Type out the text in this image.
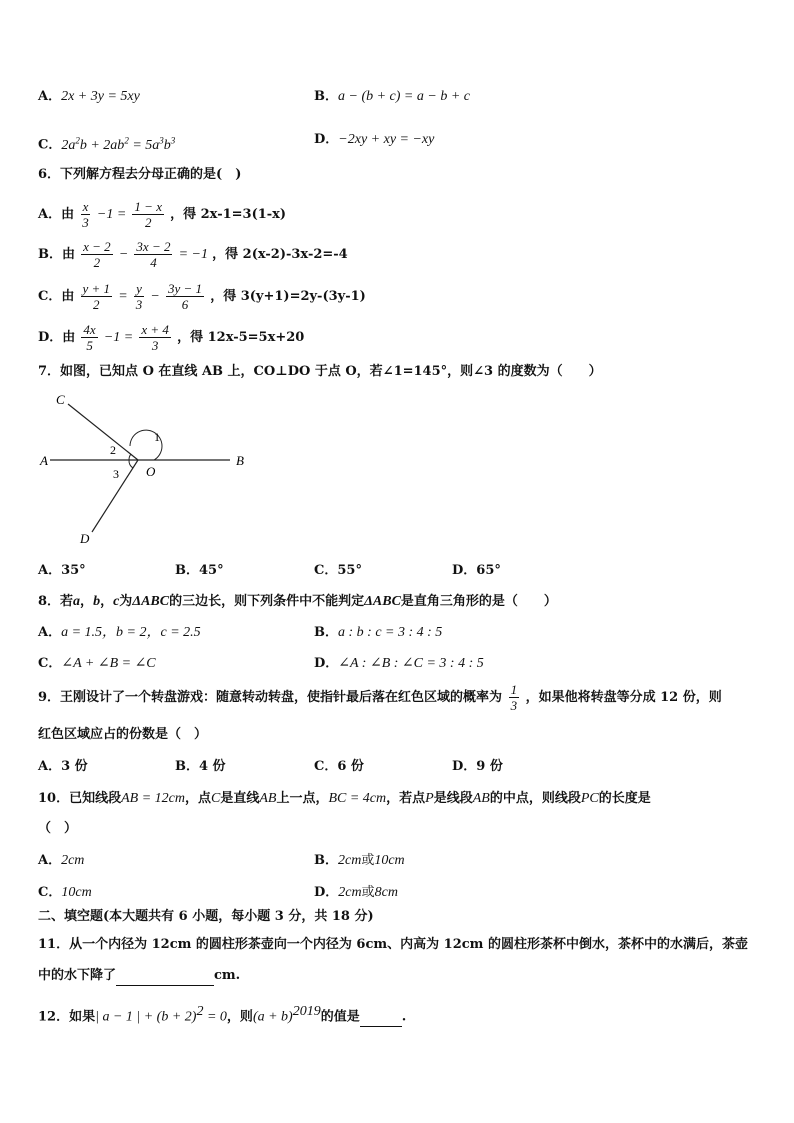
A．2x + 3y = 5xy	B．a − (b + c) = a − b + c
C．$2a^2b + 2ab^2 = 5a^3b^3$	D．−2xy + xy = −xy
6．下列解方程去分母正确的是(　)
A．由 $\frac{x}{3} -1 = \frac{1 - x}{2}$ ，得 2x-1=3(1-x)
B．由 $\frac{x - 2}{2} - \frac{3x - 2}{4} = -1$ ，得 2(x-2)-3x-2=-4
C．由 $\frac{y + 1}{2} = \frac{y}{3} - \frac{3y - 1}{6}$ ，得 3(y+1)=2y-(3y-1)
D．由 $\frac{4x}{5} -1 = \frac{x + 4}{3}$ ，得 12x-5=5x+20
7．如图，已知点 O 在直线 AB 上，CO⊥DO 于点 O，若∠1=145°，则∠3 的度数为（　　）
C
A	B
O
D
1
2
3
A．35°	B．45°	C．55°	D．65°
8．若a，b，c为ΔABC的三边长，则下列条件中不能判定ΔABC是直角三角形的是（　　）
A．a = 1.5，b = 2，c = 2.5	B．a : b : c = 3 : 4 : 5
C．∠A + ∠B = ∠C	D．∠A : ∠B : ∠C = 3 : 4 : 5
9．王刚设计了一个转盘游戏：随意转动转盘，使指针最后落在红色区域的概率为 $\frac{1}{3}$ ，如果他将转盘等分成 12 份，则
红色区域应占的份数是（　）
A．3 份	B．4 份	C．6 份	D．9 份
10．已知线段AB = 12cm，点C是直线AB上一点，BC = 4cm，若点P是线段AB的中点，则线段PC的长度是
（　）
A．2cm	B．2cm或10cm
C．10cm	D．2cm或8cm
二、填空题(本大题共有 6 小题，每小题 3 分，共 18 分)
11．从一个内径为 12cm 的圆柱形茶壶向一个内径为 6cm、内高为 12cm 的圆柱形茶杯中倒水，茶杯中的水满后，茶壶
中的水下降了	cm.
12．如果| a − 1 | + $(b + 2)^2 = 0$，则$(a + b)^{2019}$的值是	.
